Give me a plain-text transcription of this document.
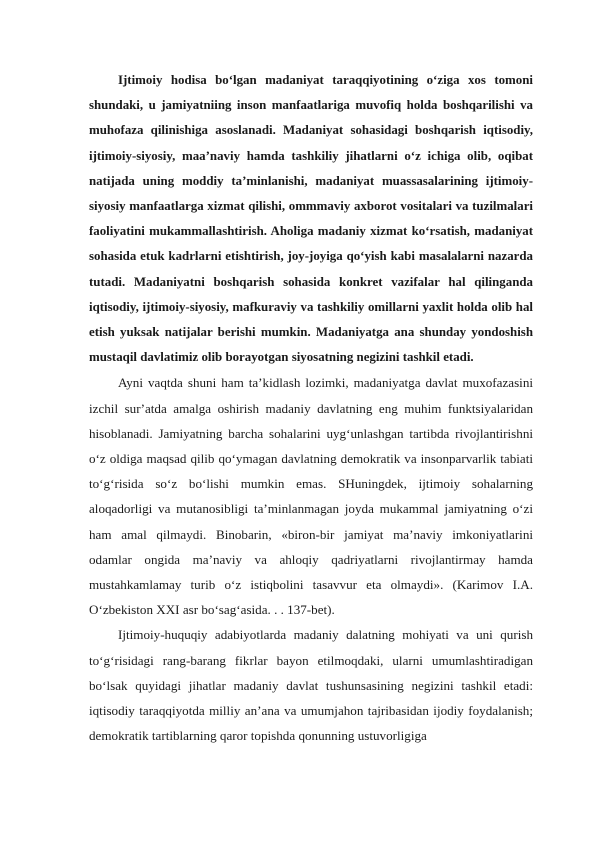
Ijtimoiy hodisa boʻlgan madaniyat taraqqiyotining oʻziga xos tomoni shundaki, u jamiyatniing inson manfaatlariga muvofiq holda boshqarilishi va muhofaza qilinishiga asoslanadi. Madaniyat sohasidagi boshqarish iqtisodiy, ijtimoiy-siyosiy, maaʼnaviy hamda tashkiliy jihatlarni oʻz ichiga olib, oqibat natijada uning moddiy taʼminlanishi, madaniyat muassasalarining ijtimoiy-siyosiy manfaatlarga xizmat qilishi, ommmaviy axborot vositalari va tuzilmalari faoliyatini mukammallashtirish. Aholiga madaniy xizmat koʻrsatish, madaniyat sohasida etuk kadrlarni etishtirish, joy-joyiga qoʻyish kabi masalalarni nazarda tutadi. Madaniyatni boshqarish sohasida konkret vazifalar hal qilinganda iqtisodiy, ijtimoiy-siyosiy, mafkuraviy va tashkiliy omillarni yaxlit holda olib hal etish yuksak natijalar berishi mumkin. Madaniyatga ana shunday yondoshish mustaqil davlatimiz olib borayotgan siyosatning negizini tashkil etadi.

Ayni vaqtda shuni ham taʼkidlash lozimki, madaniyatga davlat muxofazasini izchil surʼatda amalga oshirish madaniy davlatning eng muhim funktsiyalaridan hisoblanadi. Jamiyatning barcha sohalarini uygʻunlashgan tartibda rivojlantirishni oʻz oldiga maqsad qilib qoʻymagan davlatning demokratik va insonparvarlik tabiati toʻgʻrisida soʻz boʻlishi mumkin emas. SHuningdek, ijtimoiy sohalarning aloqadorligi va mutanosibligi taʼminlanmagan joyda mukammal jamiyatning oʻzi ham amal qilmaydi. Binobarin, «biron-bir jamiyat maʼnaviy imkoniyatlarini odamlar ongida maʼnaviy va ahloqiy qadriyatlarni rivojlantirmay hamda mustahkamlamay turib oʻz istiqbolini tasavvur eta olmaydi». (Karimov I.A. Oʻzbekiston XXI asr boʻsagʻasida. . . 137-bet).

Ijtimoiy-huquqiy adabiyotlarda madaniy dalatning mohiyati va uni qurish toʻgʻrisidagi rang-barang fikrlar bayon etilmoqdaki, ularni umumlashtiradigan boʻlsak quyidagi jihatlar madaniy davlat tushunsasining negizini tashkil etadi: iqtisodiy taraqqiyotda milliy anʼana va umumjahon tajribasidan ijodiy foydalanish; demokratik tartiblarning qaror topishda qonunning ustuvorligiga
